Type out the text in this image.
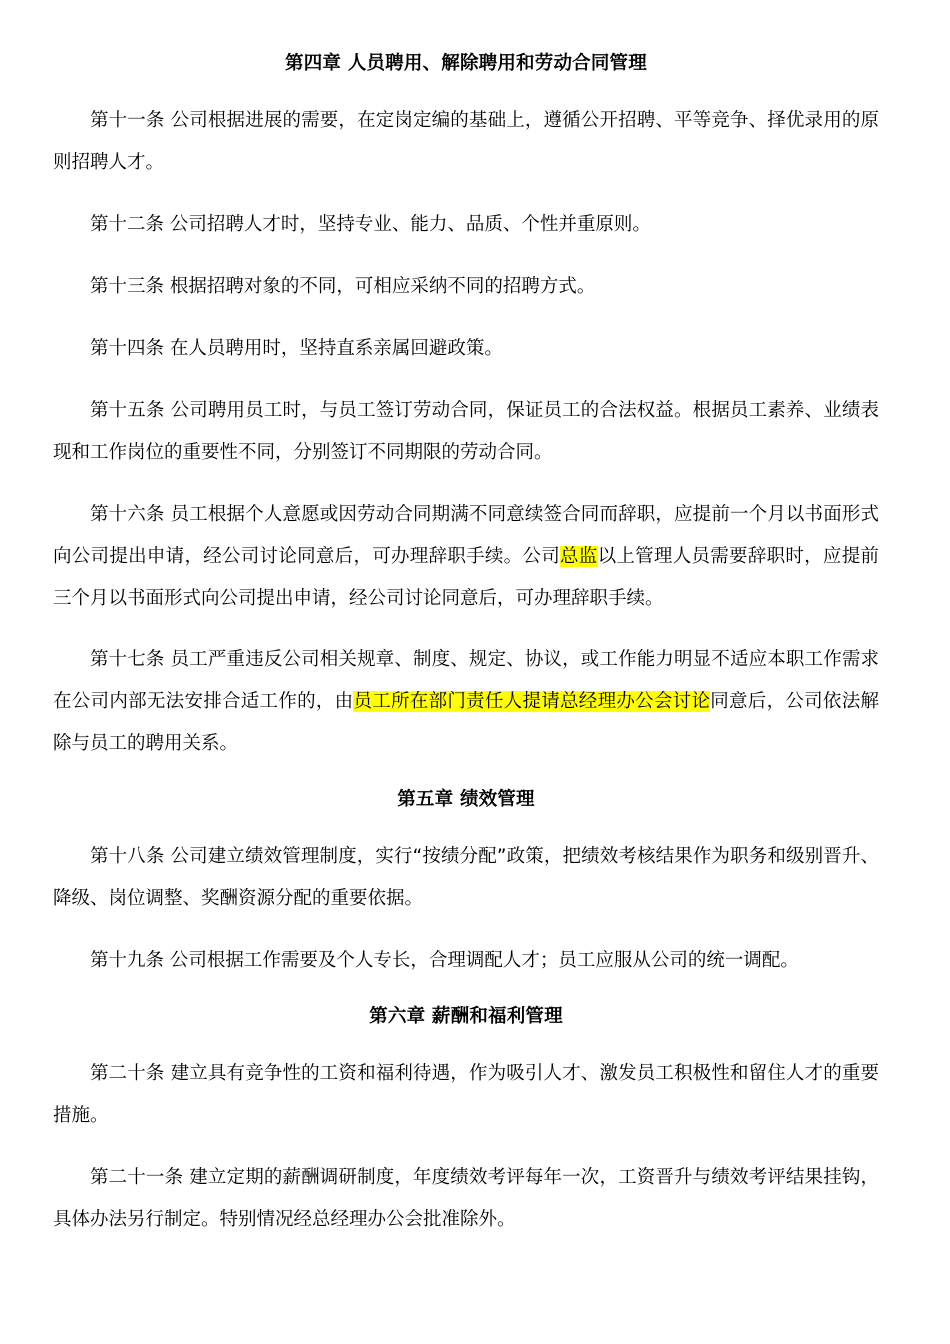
第四章 人员聘用、解除聘用和劳动合同管理

第十一条 公司根据进展的需要，在定岗定编的基础上，遵循公开招聘、平等竞争、择优录用的原则招聘人才。

第十二条 公司招聘人才时，坚持专业、能力、品质、个性并重原则。

第十三条 根据招聘对象的不同，可相应采纳不同的招聘方式。

第十四条 在人员聘用时，坚持直系亲属回避政策。

第十五条 公司聘用员工时，与员工签订劳动合同，保证员工的合法权益。根据员工素养、业绩表现和工作岗位的重要性不同，分别签订不同期限的劳动合同。

第十六条 员工根据个人意愿或因劳动合同期满不同意续签合同而辞职，应提前一个月以书面形式向公司提出申请，经公司讨论同意后，可办理辞职手续。公司总监以上管理人员需要辞职时，应提前三个月以书面形式向公司提出申请，经公司讨论同意后，可办理辞职手续。

第十七条 员工严重违反公司相关规章、制度、规定、协议，或工作能力明显不适应本职工作需求在公司内部无法安排合适工作的，由员工所在部门责任人提请总经理办公会讨论同意后，公司依法解除与员工的聘用关系。

第五章 绩效管理

第十八条 公司建立绩效管理制度，实行“按绩分配”政策，把绩效考核结果作为职务和级别晋升、降级、岗位调整、奖酬资源分配的重要依据。

第十九条 公司根据工作需要及个人专长，合理调配人才；员工应服从公司的统一调配。

第六章 薪酬和福利管理

第二十条 建立具有竞争性的工资和福利待遇，作为吸引人才、激发员工积极性和留住人才的重要措施。

第二十一条 建立定期的薪酬调研制度，年度绩效考评每年一次，工资晋升与绩效考评结果挂钩，具体办法另行制定。特别情况经总经理办公会批准除外。
